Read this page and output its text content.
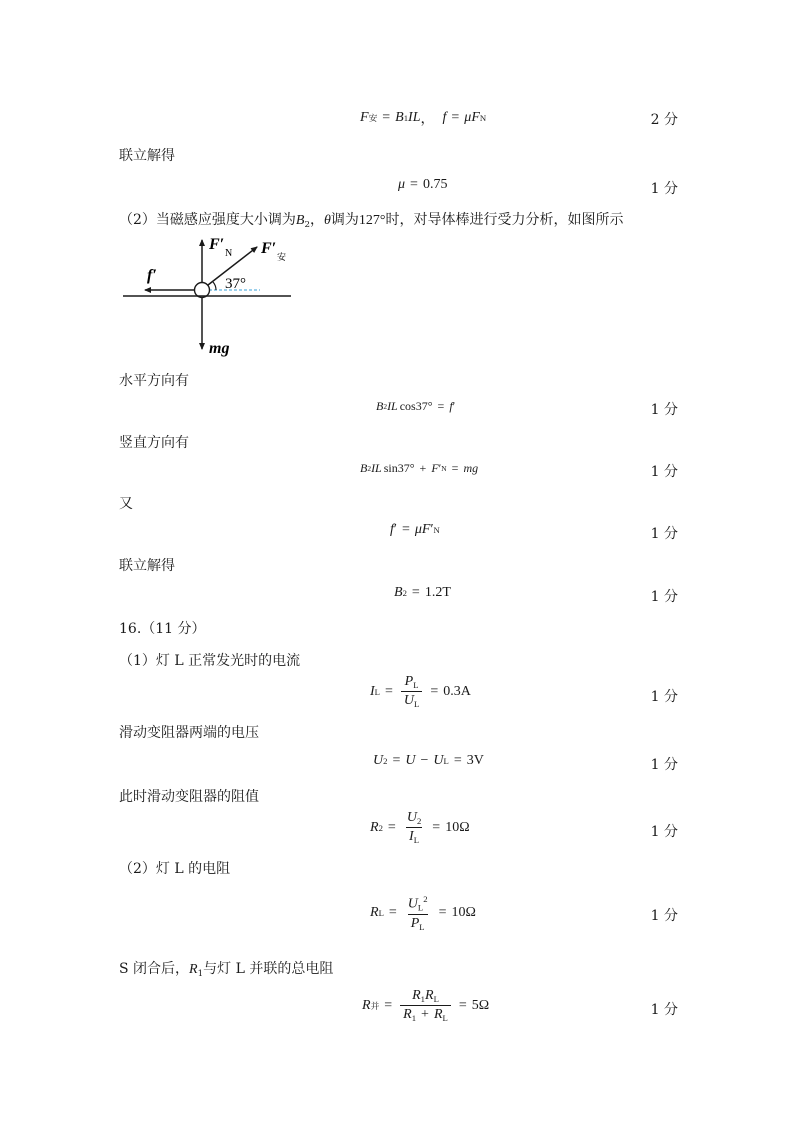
F 安 = B 1 IL ， f = μ F N	2 分
联立解得
μ = 0.75	1 分
（2）当磁感应强度大小调为$B_2$，θ调为127°时，对导体棒进行受力分析，如图所示
F′
N F′
安
f′	37°
mg
水平方向有
B 2 IL cos37° = f ′	1 分
竖直方向有
B 2 IL sin37° + F ′ N = mg	1 分
又
f ′ = μ F ′ N	1 分
联立解得
B 2 = 1.2T	1 分
16.（11 分）
（1）灯 L 正常发光时的电流
I $L = \frac{P_L}{U_L} = 0.3A$	1 分
滑动变阻器两端的电压
U 2 = U − U L = 3V	1 分
此时滑动变阻器的阻值
R $2 = \frac{U_2}{I_L} = 10\Omega$	1 分
（2）灯 L 的电阻
R $L = \frac{U_L^2}{P_L} = 10\Omega$	1 分
S 闭合后，$R_1$与灯 L 并联的总电阻
R 并 = $\frac{R_1R_L}{R_1 + R_L} = 5\Omega$	1 分
